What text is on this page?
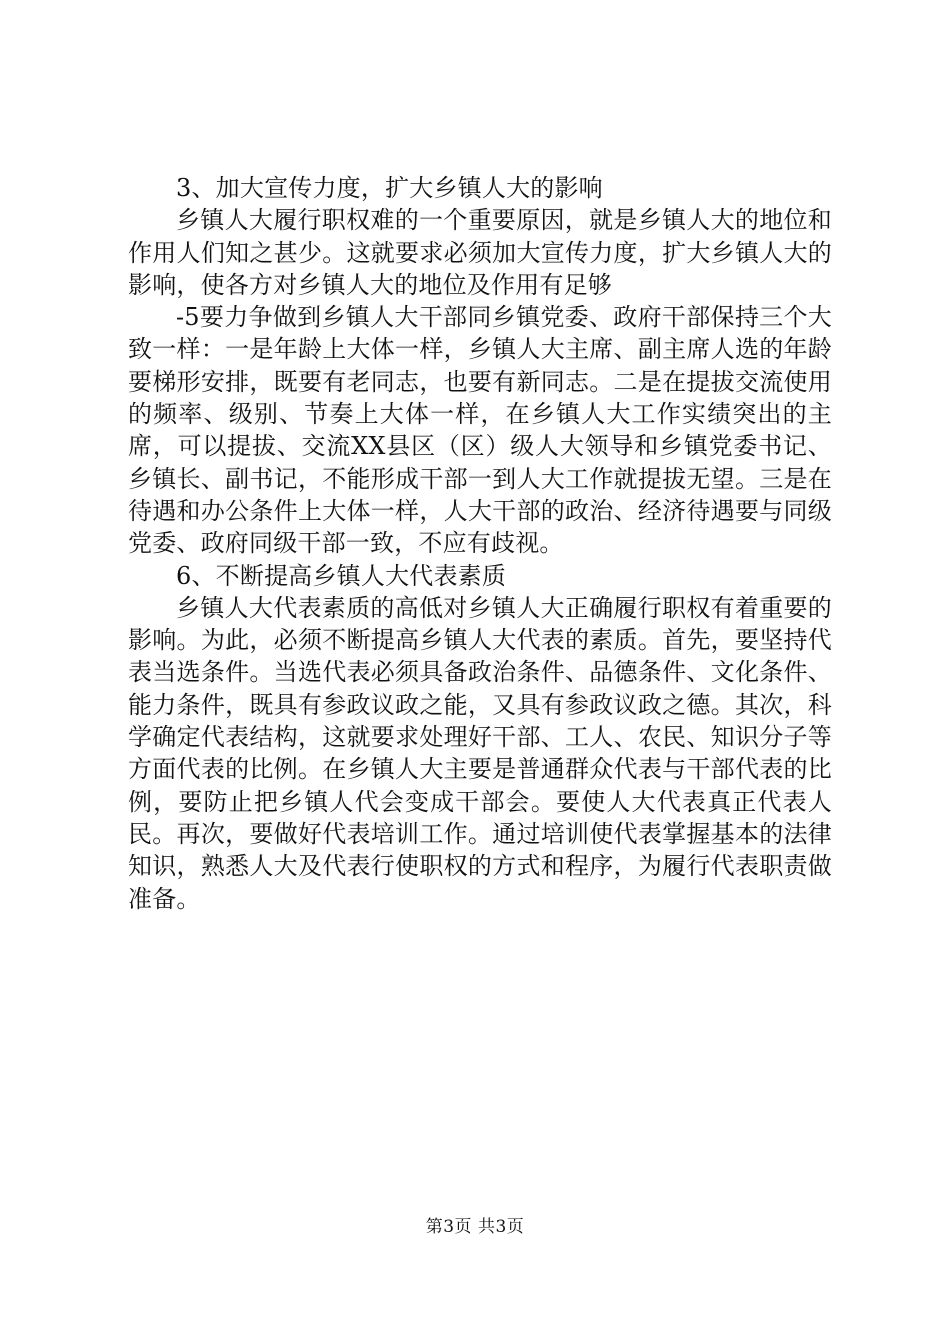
3、加大宣传力度，扩大乡镇人大的影响

乡镇人大履行职权难的一个重要原因，就是乡镇人大的地位和作用人们知之甚少。这就要求必须加大宣传力度，扩大乡镇人大的影响，使各方对乡镇人大的地位及作用有足够

-5要力争做到乡镇人大干部同乡镇党委、政府干部保持三个大致一样：一是年龄上大体一样，乡镇人大主席、副主席人选的年龄要梯形安排，既要有老同志，也要有新同志。二是在提拔交流使用的频率、级别、节奏上大体一样，在乡镇人大工作实绩突出的主席，可以提拔、交流XX县区（区）级人大领导和乡镇党委书记、乡镇长、副书记，不能形成干部一到人大工作就提拔无望。三是在待遇和办公条件上大体一样，人大干部的政治、经济待遇要与同级党委、政府同级干部一致，不应有歧视。

6、不断提高乡镇人大代表素质

乡镇人大代表素质的高低对乡镇人大正确履行职权有着重要的影响。为此，必须不断提高乡镇人大代表的素质。首先，要坚持代表当选条件。当选代表必须具备政治条件、品德条件、文化条件、能力条件，既具有参政议政之能，又具有参政议政之德。其次，科学确定代表结构，这就要求处理好干部、工人、农民、知识分子等方面代表的比例。在乡镇人大主要是普通群众代表与干部代表的比例，要防止把乡镇人代会变成干部会。要使人大代表真正代表人民。再次，要做好代表培训工作。通过培训使代表掌握基本的法律知识，熟悉人大及代表行使职权的方式和程序，为履行代表职责做准备。

第3页 共3页
